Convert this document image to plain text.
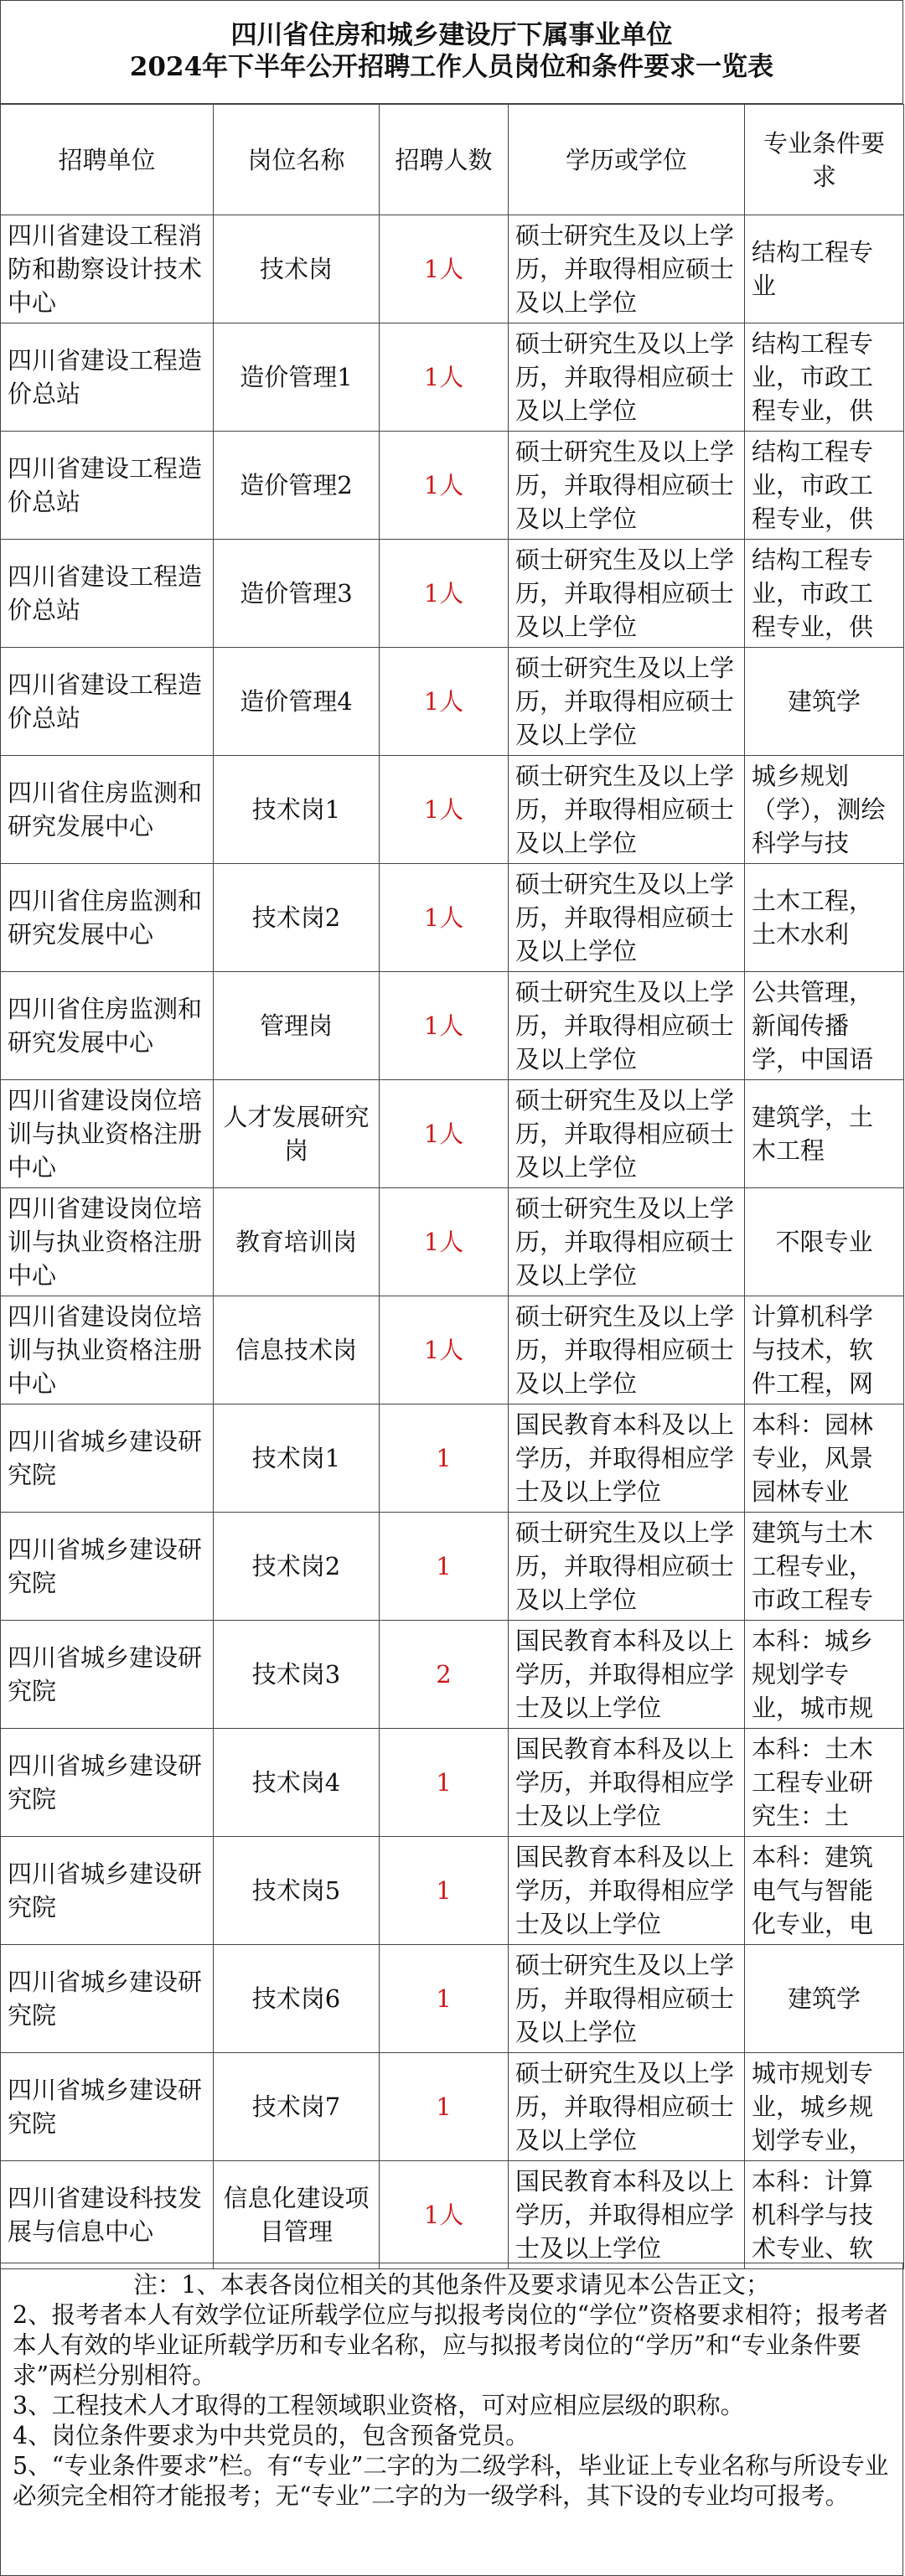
四川省住房和城乡建设厅下属事业单位
2024年下半年公开招聘工作人员岗位和条件要求一览表
招聘单位	岗位名称	招聘人数	学历或学位	专业条件要求

四川省建设工程消防和勘察设计技术中心	技术岗	1人	硕士研究生及以上学历，并取得相应硕士及以上学位	结构工程专业

四川省建设工程造价总站	造价管理1	1人	硕士研究生及以上学历，并取得相应硕士及以上学位	结构工程专业，市政工程专业，供

四川省建设工程造价总站	造价管理2	1人	硕士研究生及以上学历，并取得相应硕士及以上学位	结构工程专业，市政工程专业，供

四川省建设工程造价总站	造价管理3	1人	硕士研究生及以上学历，并取得相应硕士及以上学位	结构工程专业，市政工程专业，供

四川省建设工程造价总站	造价管理4	1人	硕士研究生及以上学历，并取得相应硕士及以上学位	建筑学

四川省住房监测和研究发展中心	技术岗1	1人	硕士研究生及以上学历，并取得相应硕士及以上学位	城乡规划（学），测绘科学与技

四川省住房监测和研究发展中心	技术岗2	1人	硕士研究生及以上学历，并取得相应硕士及以上学位	土木工程，土木水利

四川省住房监测和研究发展中心	管理岗	1人	硕士研究生及以上学历，并取得相应硕士及以上学位	公共管理，新闻传播学，中国语

四川省建设岗位培训与执业资格注册中心	人才发展研究岗	1人	硕士研究生及以上学历，并取得相应硕士及以上学位	建筑学，土木工程

四川省建设岗位培训与执业资格注册中心	教育培训岗	1人	硕士研究生及以上学历，并取得相应硕士及以上学位	不限专业

四川省建设岗位培训与执业资格注册中心	信息技术岗	1人	硕士研究生及以上学历，并取得相应硕士及以上学位	计算机科学与技术，软件工程，网

四川省城乡建设研究院	技术岗1	1	国民教育本科及以上学历，并取得相应学士及以上学位	本科：园林专业，风景园林专业

四川省城乡建设研究院	技术岗2	1	硕士研究生及以上学历，并取得相应硕士及以上学位	建筑与土木工程专业，市政工程专

四川省城乡建设研究院	技术岗3	2	国民教育本科及以上学历，并取得相应学士及以上学位	本科：城乡规划学专业，城市规

四川省城乡建设研究院	技术岗4	1	国民教育本科及以上学历，并取得相应学士及以上学位	本科：土木工程专业研究生：土

四川省城乡建设研究院	技术岗5	1	国民教育本科及以上学历，并取得相应学士及以上学位	本科：建筑电气与智能化专业，电

四川省城乡建设研究院	技术岗6	1	硕士研究生及以上学历，并取得相应硕士及以上学位	建筑学

四川省城乡建设研究院	技术岗7	1	硕士研究生及以上学历，并取得相应硕士及以上学位	城市规划专业，城乡规划学专业，

四川省建设科技发展与信息中心	信息化建设项目管理	1人	国民教育本科及以上学历，并取得相应学士及以上学位	本科：计算机科学与技术专业、软

注：1、本表各岗位相关的其他条件及要求请见本公告正文；

2、报考者本人有效学位证所载学位应与拟报考岗位的“学位”资格要求相符；报考者本人有效的毕业证所载学历和专业名称，应与拟报考岗位的“学历”和“专业条件要求”两栏分别相符。

3、工程技术人才取得的工程领域职业资格，可对应相应层级的职称。

4、岗位条件要求为中共党员的，包含预备党员。

5、“专业条件要求”栏。有“专业”二字的为二级学科，毕业证上专业名称与所设专业必须完全相符才能报考；无“专业”二字的为一级学科，其下设的专业均可报考。
